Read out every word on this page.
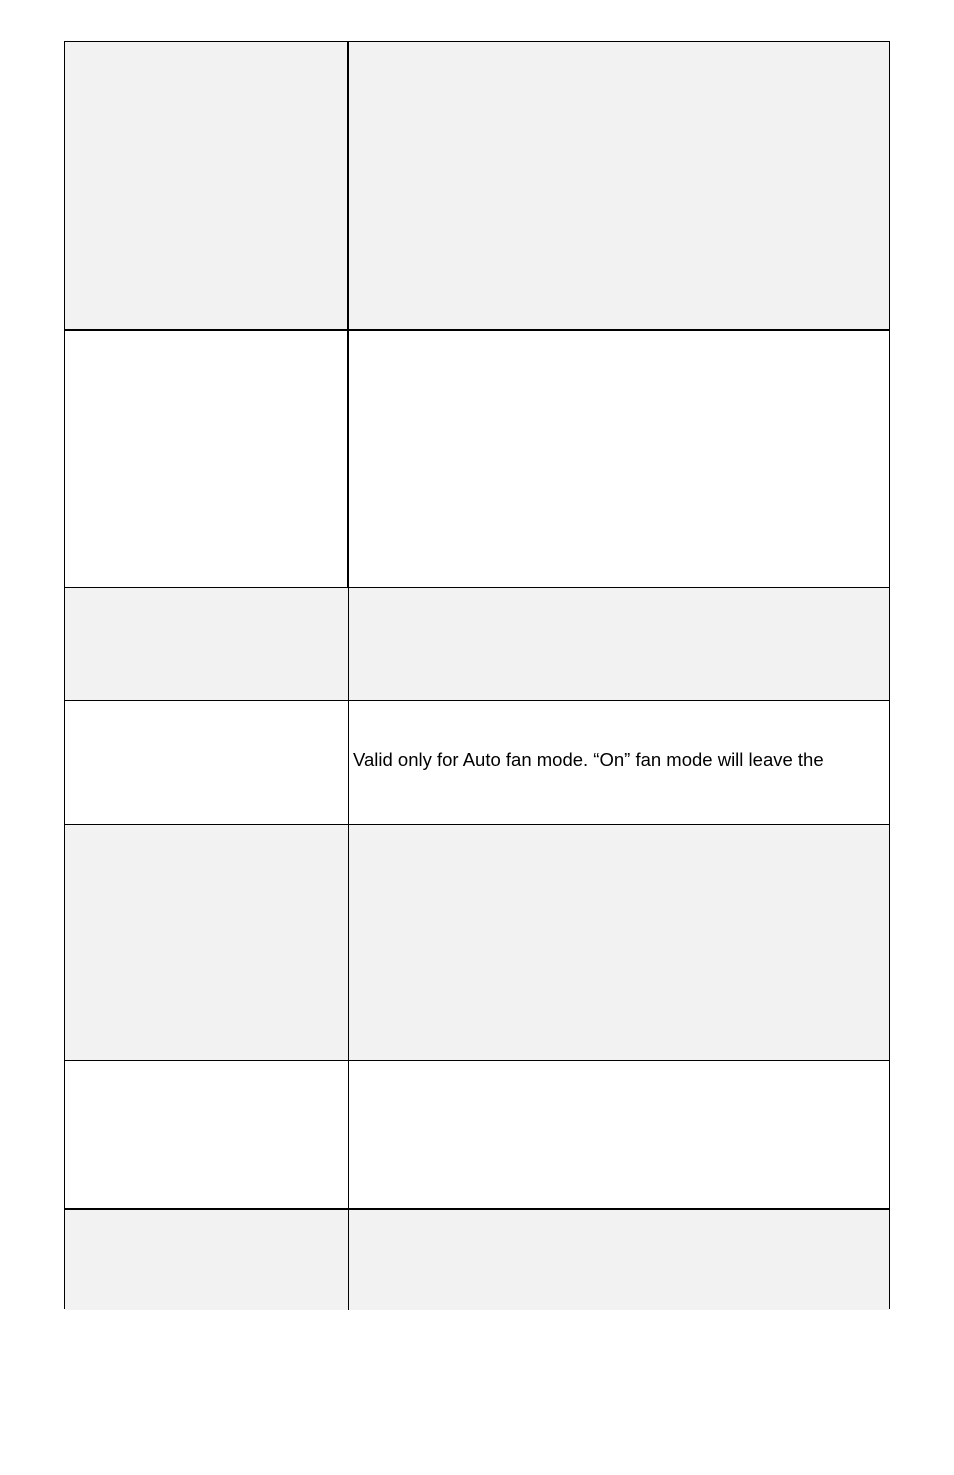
Valid only for Auto fan mode. “On” fan mode will leave the
